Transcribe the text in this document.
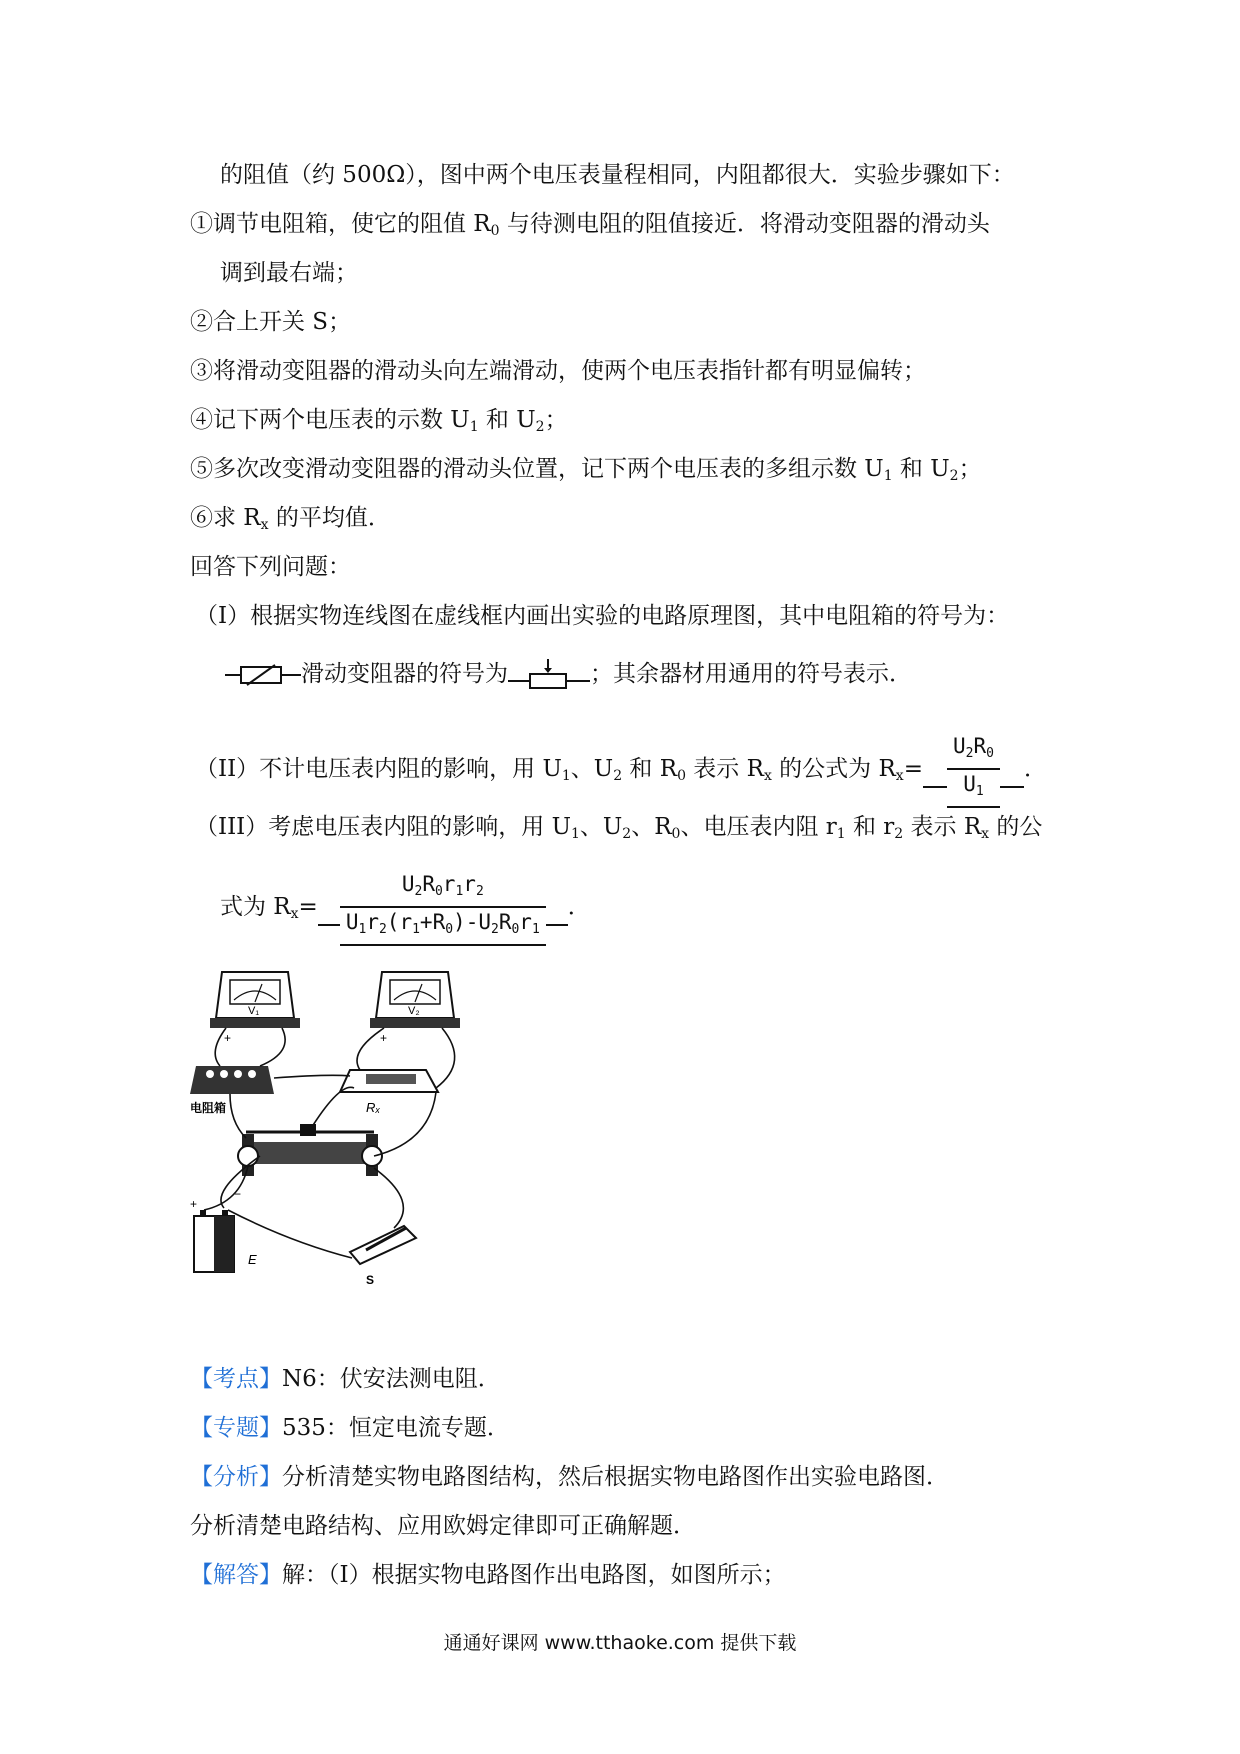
的阻值（约 500Ω），图中两个电压表量程相同，内阻都很大．实验步骤如下：
①调节电阻箱，使它的阻值 $R_0$ 与待测电阻的阻值接近．将滑动变阻器的滑动头
调到最右端；
②合上开关 S；
③将滑动变阻器的滑动头向左端滑动，使两个电压表指针都有明显偏转；
④记下两个电压表的示数 $U_1$ 和 $U_2$；
⑤多次改变滑动变阻器的滑动头位置，记下两个电压表的多组示数 $U_1$ 和 $U_2$；
⑥求 $R_x$ 的平均值．
回答下列问题：
（I）根据实物连线图在虚线框内画出实验的电路原理图，其中电阻箱的符号为：
滑动变阻器的符号为	；其余器材用通用的符号表示．
（II）不计电压表内阻的影响，用 $U_1$、$U_2$ 和 $R_0$ 表示 $R_x$ 的公式为 $R_x= \frac{U_2R_0}{U_1}$ ．
（III）考虑电压表内阻的影响，用 $U_1$、$U_2$、$R_0$、电压表内阻 $r_1$ 和 $r_2$ 表示 $R_x$ 的公
式为 $R_x= \frac{U_2R_0r_1r_2}{U_1r_2(r_1+R_0)-U_2R_0r_1}$ ．
V₁
+
V₂
+
电阻箱	Rₓ
+
−
E
S
【考点】N6：伏安法测电阻．
【专题】535：恒定电流专题．
【分析】分析清楚实物电路图结构，然后根据实物电路图作出实验电路图．
分析清楚电路结构、应用欧姆定律即可正确解题．
【解答】解：（I）根据实物电路图作出电路图，如图所示；
通通好课网 www.tthaoke.com 提供下载
